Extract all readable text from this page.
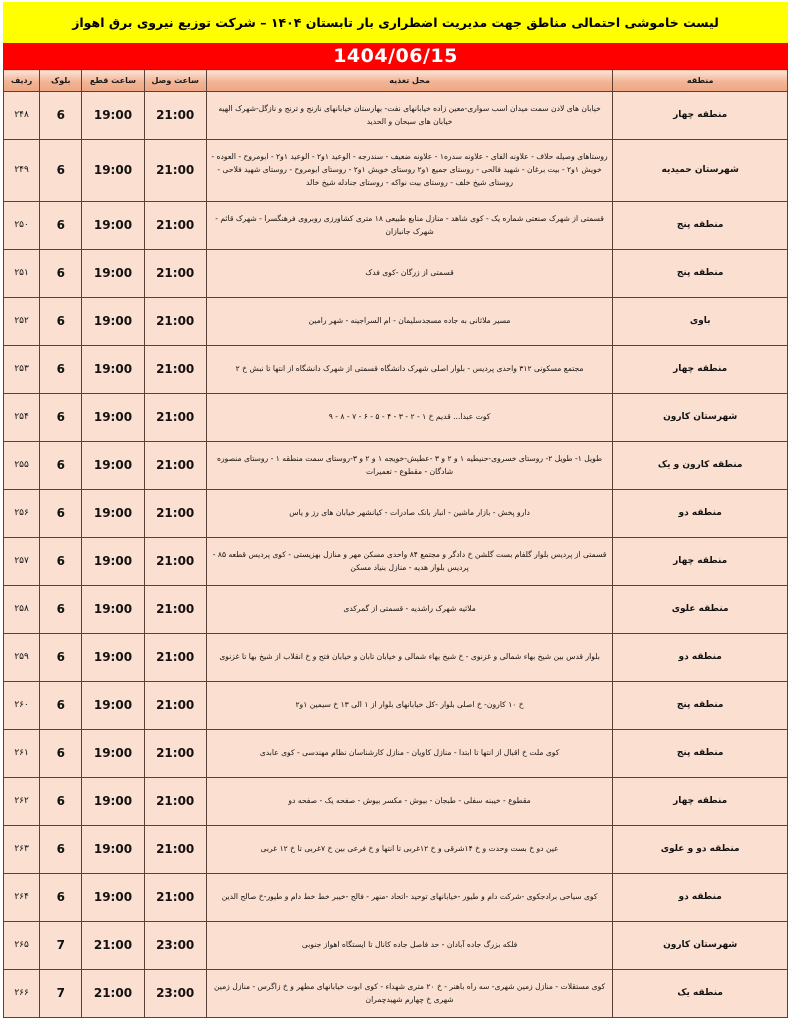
لیست خاموشی احتمالی مناطق جهت مدیریت اضطراری بار تابستان ۱۴۰۴ – شرکت توزیع نیروی برق اهواز
1404/06/15
منطقه	محل تغذیه	ساعت وصل	ساعت قطع	بلوک	ردیف
منطقه چهار	خیابان های لادن سمت میدان اسب سواری-معین زاده خیابانهای نفت- بهارستان خیابانهای نارنج و ترنج و نازگل-شهرک الهیه خیابان های سبحان و الحدید	21:00	19:00	6	۲۴۸
شهرستان حمیدیه	روستاهای وصیله حلاف - علاونه الفای - علاونه سدره۱ - علاونه ضعیف - سندرجه - الوعید ۱و۲ - الوعید ۱و۲ - ابومروح - العوده - خویش ۱و۲ - بیت برغان - شهید فالحی - روستای جمیع ۱و۲ روستای خویش ۱و۲ - روستای ابومروح - روستای شهید فلاحی - روستای شیخ خلف - روستای بیت نواکه - روستای جنادله شیخ خالد	21:00	19:00	6	۲۴۹
منطقه پنج	قسمتی از شهرک صنعتی شماره یک - کوی شاهد - منازل منابع طبیعی ۱۸ متری کشاورزی روبروی فرهنگسرا - شهرک قائم - شهرک جانبازان	21:00	19:00	6	۲۵۰
منطقه پنج	قسمتی از زرگان -کوی فدک	21:00	19:00	6	۲۵۱
باوی	مسیر ملاثانی به جاده مسجدسلیمان - ام السراجینه - شهر رامین	21:00	19:00	6	۲۵۲
منطقه چهار	مجتمع مسکونی ۳۱۲ واحدی پردیس - بلوار اصلی شهرک دانشگاه قسمتی از شهرک دانشگاه از انتها تا نبش خ ۲	21:00	19:00	6	۲۵۳
شهرستان کارون	کوت عبدا... قدیم خ ۱ - ۲ - ۳ - ۴ - ۵ - ۶ - ۷ - ۸ - ۹	21:00	19:00	6	۲۵۴
منطقه کارون و یک	طویل ۱- طویل ۲- روستای خسروی-حنیطیه ۱ و ۲ و ۳ -عطیش-خویجه ۱ و ۲ و ۳-روستای سمت منطقه ۱ - روستای منصوره شادگان - مقطوع - تعمیرات	21:00	19:00	6	۲۵۵
منطقه دو	دارو پخش - بازار ماشین - انبار بانک صادرات - کیانشهر خیابان های رز و یاس	21:00	19:00	6	۲۵۶
منطقه چهار	قسمتی از پردیس بلوار گلفام بست گلشن خ دادگر و مجتمع ۸۴ واحدی مسکن مهر و منازل بهزیستی - کوی پردیس قطعه ۸۵ - پردیس بلوار هدیه - منازل بنیاد مسکن	21:00	19:00	6	۲۵۷
منطقه علوی	ملاثیه شهرک راشدیه - قسمتی از گمرکدی	21:00	19:00	6	۲۵۸
منطقه دو	بلوار قدس بین شیخ بهاء شمالی و غزنوی - خ شیخ بهاء شمالی و خیابان تابان و خیابان فتح و خ انقلاب از شیخ بها تا غزنوی	21:00	19:00	6	۲۵۹
منطقه پنج	خ ۱۰ کارون- خ اصلی بلوار -کل خیابانهای بلوار از ۱ الی ۱۳ خ سیمین ۱و۲	21:00	19:00	6	۲۶۰
منطقه پنج	کوی ملت خ اقبال از انتها تا ابتدا - منازل کاویان - منازل کارشناسان نظام مهندسی - کوی عابدی	21:00	19:00	6	۲۶۱
منطقه چهار	مقطوع - خیبنه سفلی - طبجان - بیوش - مکسر بیوش - صفحه یک - صفحه دو	21:00	19:00	6	۲۶۲
منطقه دو و علوی	عین دو خ بست وحدت و خ ۱۴شرقی و خ ۱۲غربی تا انتها و خ فرعی بین خ ۷غربی تا خ ۱۲ غربی	21:00	19:00	6	۲۶۳
منطقه دو	کوی سیاحی برادجکوی -شرکت دام و طیور -خیابانهای توحید -اتحاد -منهر - فالح -خیبر خط خط دام و طیور-خ صالح الدین	21:00	19:00	6	۲۶۴
شهرستان کارون	فلکه بزرگ جاده آبادان - حد فاصل جاده کانال تا ایستگاه اهواز جنوبی	23:00	21:00	7	۲۶۵
منطقه یک	کوی مستقلات - منازل زمین شهری- سه راه باهنر - خ ۲۰ متری شهداء - کوی ابوت خیابانهای مطهر و خ زاگرس - منازل زمین شهری خ چهارم شهیدچمران	23:00	21:00	7	۲۶۶
